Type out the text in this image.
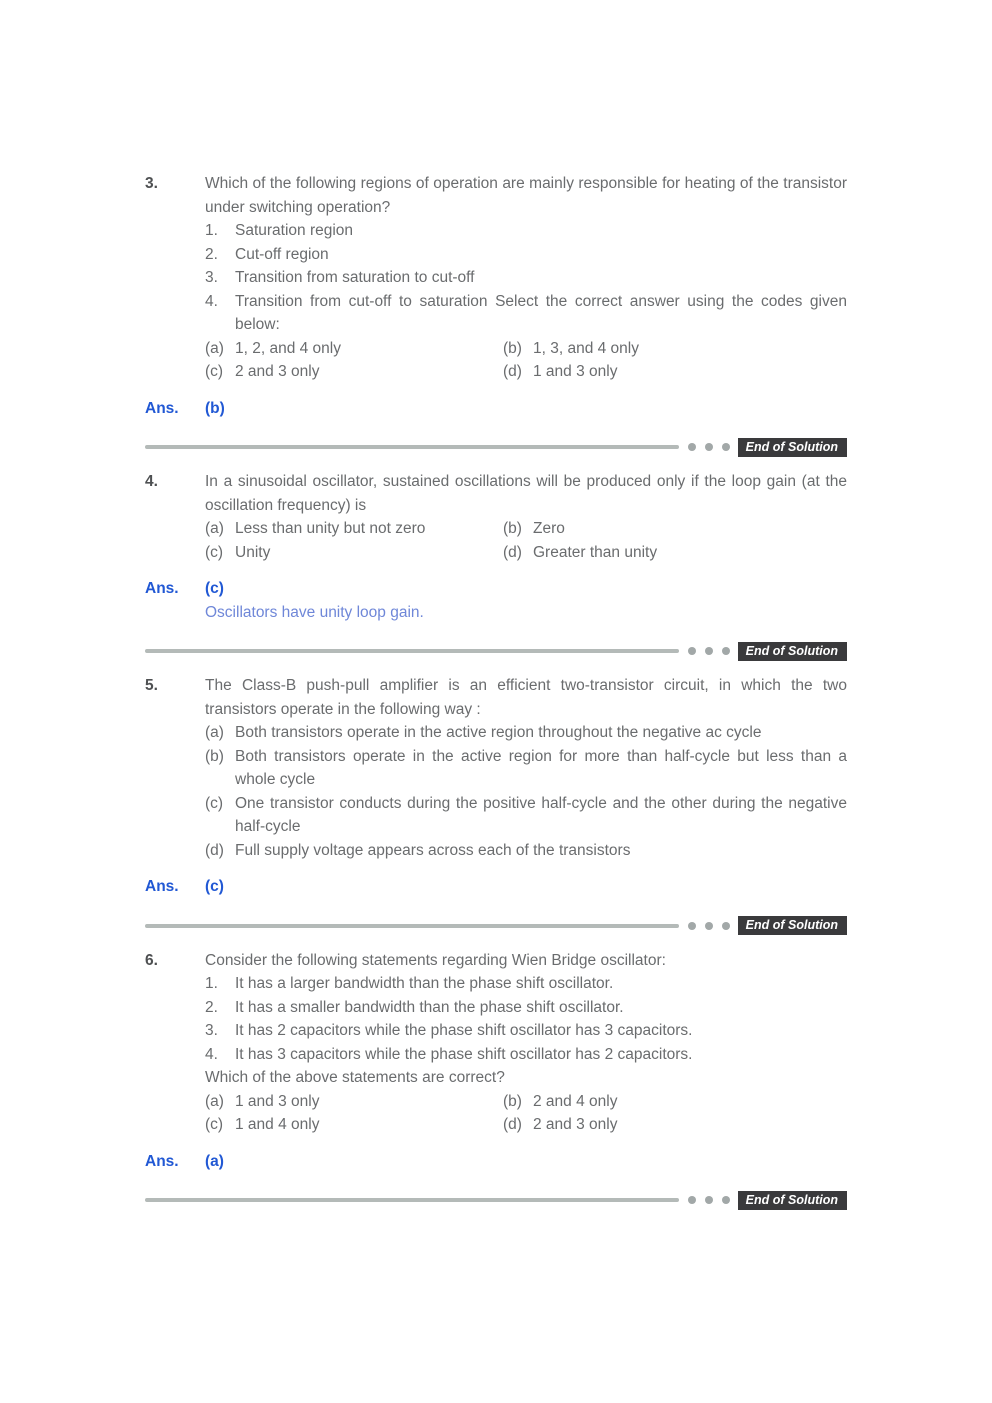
3.	Which of the following regions of operation are mainly responsible for heating of the transistor under switching operation?

1.	Saturation region
2.	Cut-off region
3.	Transition from saturation to cut-off
4.	Transition from cut-off to saturation Select the correct answer using the codes given below:
(a) 1, 2, and 4 only	(b) 1, 3, and 4 only
(c) 2 and 3 only	(d) 1 and 3 only
Ans.	(b)
End of Solution
4.	In a sinusoidal oscillator, sustained oscillations will be produced only if the loop gain (at the oscillation frequency) is

(a) Less than unity but not zero	(b) Zero
(c) Unity	(d) Greater than unity
Ans.	(c)

Oscillators have unity loop gain.

End of Solution
5.	The Class-B push-pull amplifier is an efficient two-transistor circuit, in which the two transistors operate in the following way :

(a) Both transistors operate in the active region throughout the negative ac cycle
(b) Both transistors operate in the active region for more than half-cycle but less than a whole cycle
(c) One transistor conducts during the positive half-cycle and the other during the negative half-cycle
(d) Full supply voltage appears across each of the transistors
Ans.	(c)
End of Solution
6.	Consider the following statements regarding Wien Bridge oscillator:

1.	It has a larger bandwidth than the phase shift oscillator.
2.	It has a smaller bandwidth than the phase shift oscillator.
3.	It has 2 capacitors while the phase shift oscillator has 3 capacitors.
4.	It has 3 capacitors while the phase shift oscillator has 2 capacitors.

Which of the above statements are correct?

(a) 1 and 3 only	(b) 2 and 4 only
(c) 1 and 4 only	(d) 2 and 3 only
Ans.	(a)
End of Solution
